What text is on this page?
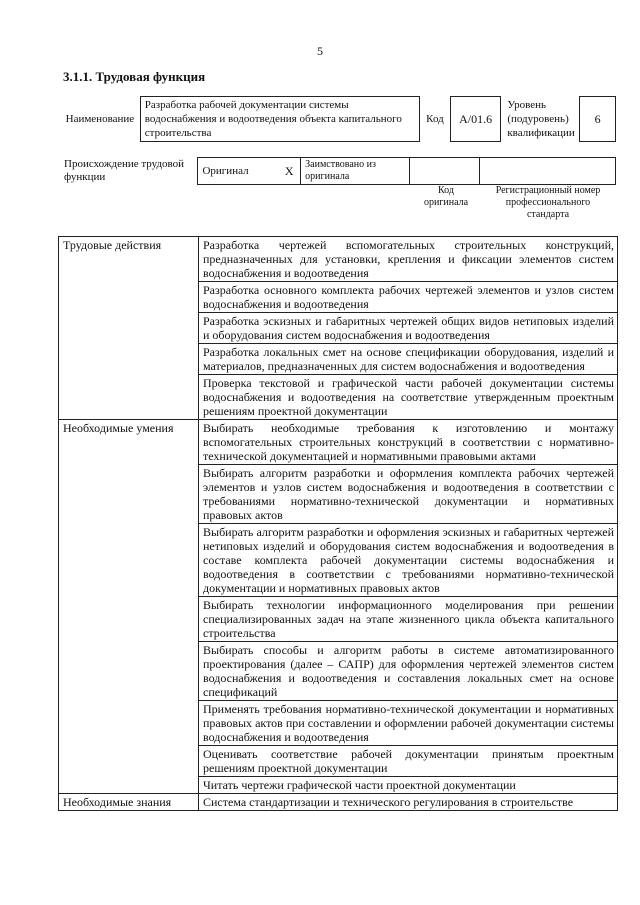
5
3.1.1. Трудовая функция
Наименование	Разработка рабочей документации системы водоснабжения и водоотведения объекта капитального строительства	Код	А/01.6	Уровень (подуровень) квалификации	6
Происхождение трудовой функции	Оригинал	Х	Заимствовано из оригинала		
Код оригинала
Регистрационный номер профессионального стандарта
Трудовые действия	Разработка чертежей вспомогательных строительных конструкций, предназначенных для установки, крепления и фиксации элементов систем водоснабжения и водоотведения
	Разработка основного комплекта рабочих чертежей элементов и узлов систем водоснабжения и водоотведения
	Разработка эскизных и габаритных чертежей общих видов нетиповых изделий и оборудования систем водоснабжения и водоотведения
	Разработка локальных смет на основе спецификации оборудования, изделий и материалов, предназначенных для систем водоснабжения и водоотведения
	Проверка текстовой и графической части рабочей документации системы водоснабжения и водоотведения на соответствие утвержденным проектным решениям проектной документации
Необходимые умения	Выбирать необходимые требования к изготовлению и монтажу вспомогательных строительных конструкций в соответствии с нормативно-технической документацией и нормативными правовыми актами
	Выбирать алгоритм разработки и оформления комплекта рабочих чертежей элементов и узлов систем водоснабжения и водоотведения в соответствии с требованиями нормативно-технической документации и нормативных правовых актов
	Выбирать алгоритм разработки и оформления эскизных и габаритных чертежей нетиповых изделий и оборудования систем водоснабжения и водоотведения в составе комплекта рабочей документации системы водоснабжения и водоотведения в соответствии с требованиями нормативно-технической документации и нормативных правовых актов
	Выбирать технологии информационного моделирования при решении специализированных задач на этапе жизненного цикла объекта капитального строительства
	Выбирать способы и алгоритм работы в системе автоматизированного проектирования (далее – САПР) для оформления чертежей элементов систем водоснабжения и водоотведения и составления локальных смет на основе спецификаций
	Применять требования нормативно-технической документации и нормативных правовых актов при составлении и оформлении рабочей документации системы водоснабжения и водоотведения
	Оценивать соответствие рабочей документации принятым проектным решениям проектной документации
	Читать чертежи графической части проектной документации
Необходимые знания	Система стандартизации и технического регулирования в строительстве
